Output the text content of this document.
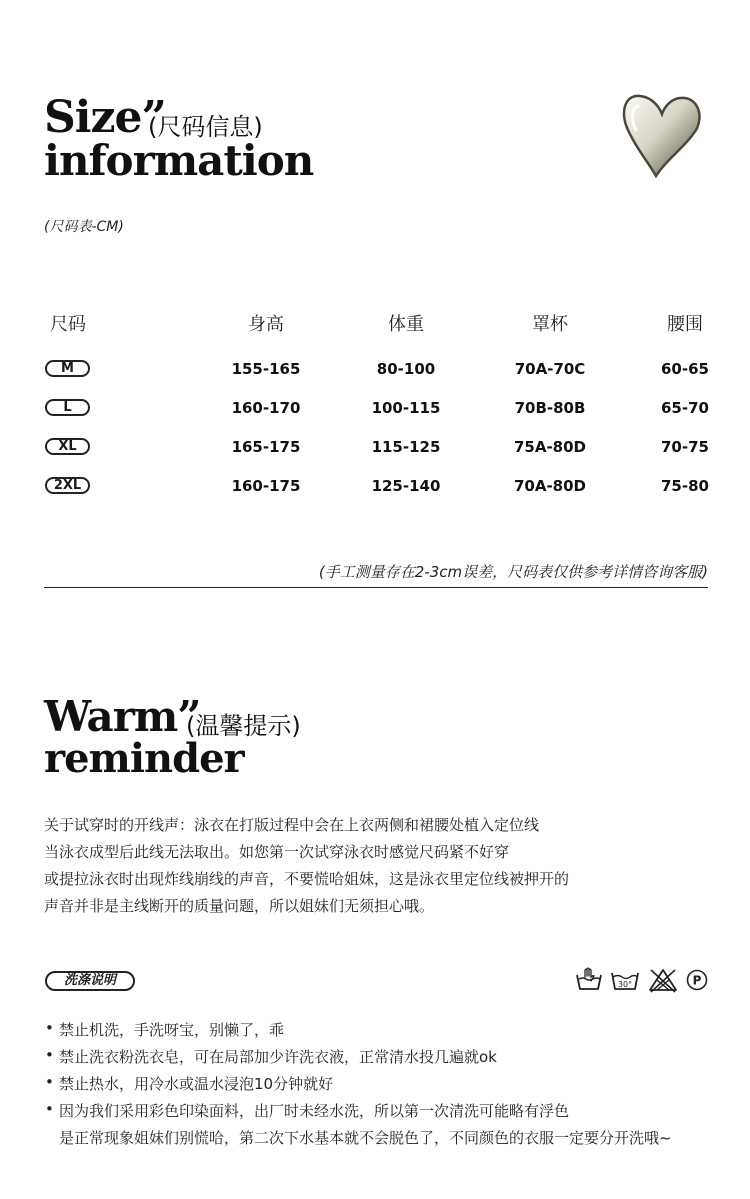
Size”
(尺码信息)
information
(尺码表-CM)
尺码	身高	体重	罩杯	腰围
M	155-165	80-100	70A-70C	60-65
L	160-170	100-115	70B-80B	65-70
XL	165-175	115-125	75A-80D	70-75
2XL	160-175	125-140	70A-80D	75-80
(手工测量存在2-3cm误差，尺码表仅供参考详情咨询客服)
Warm”
(温馨提示)
reminder
关于试穿时的开线声：泳衣在打版过程中会在上衣两侧和裙腰处植入定位线
当泳衣成型后此线无法取出。如您第一次试穿泳衣时感觉尺码紧不好穿
或提拉泳衣时出现炸线崩线的声音，不要慌哈姐妹，这是泳衣里定位线被押开的
声音并非是主线断开的质量问题，所以姐妹们无须担心哦。
洗涤说明	30°	P
• 禁止机洗，手洗呀宝，别懒了，乖
• 禁止洗衣粉洗衣皂，可在局部加少许洗衣液，正常清水投几遍就ok
• 禁止热水，用冷水或温水浸泡10分钟就好
• 因为我们采用彩色印染面料，出厂时未经水洗，所以第一次清洗可能略有浮色
是正常现象姐妹们别慌哈，第二次下水基本就不会脱色了，不同颜色的衣服一定要分开洗哦~
